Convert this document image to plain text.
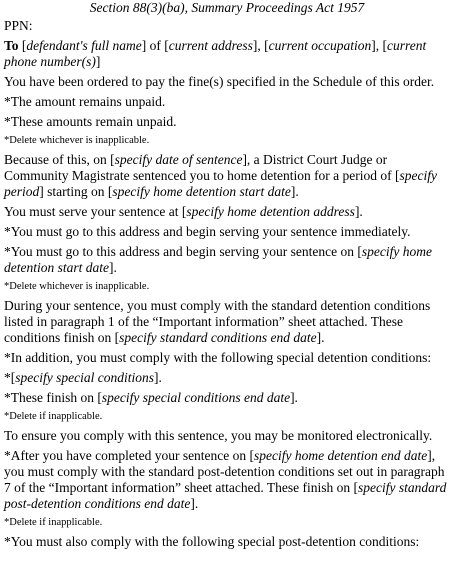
Section 88(3)(ba), Summary Proceedings Act 1957
PPN:
To [defendant's full name] of [current address], [current occupation], [current phone number(s)]
You have been ordered to pay the fine(s) specified in the Schedule of this order.
*The amount remains unpaid.
*These amounts remain unpaid.
*Delete whichever is inapplicable.
Because of this, on [specify date of sentence], a District Court Judge or Community Magistrate sentenced you to home detention for a period of [specify period] starting on [specify home detention start date].
You must serve your sentence at [specify home detention address].
*You must go to this address and begin serving your sentence immediately.
*You must go to this address and begin serving your sentence on [specify home detention start date].
*Delete whichever is inapplicable.
During your sentence, you must comply with the standard detention conditions listed in paragraph 1 of the “Important information” sheet attached. These conditions finish on [specify standard conditions end date].
*In addition, you must comply with the following special detention conditions:
*[specify special conditions].
*These finish on [specify special conditions end date].
*Delete if inapplicable.
To ensure you comply with this sentence, you may be monitored electronically.
*After you have completed your sentence on [specify home detention end date], you must comply with the standard post-detention conditions set out in paragraph 7 of the “Important information” sheet attached. These finish on [specify standard post-detention conditions end date].
*Delete if inapplicable.
*You must also comply with the following special post-detention conditions:
